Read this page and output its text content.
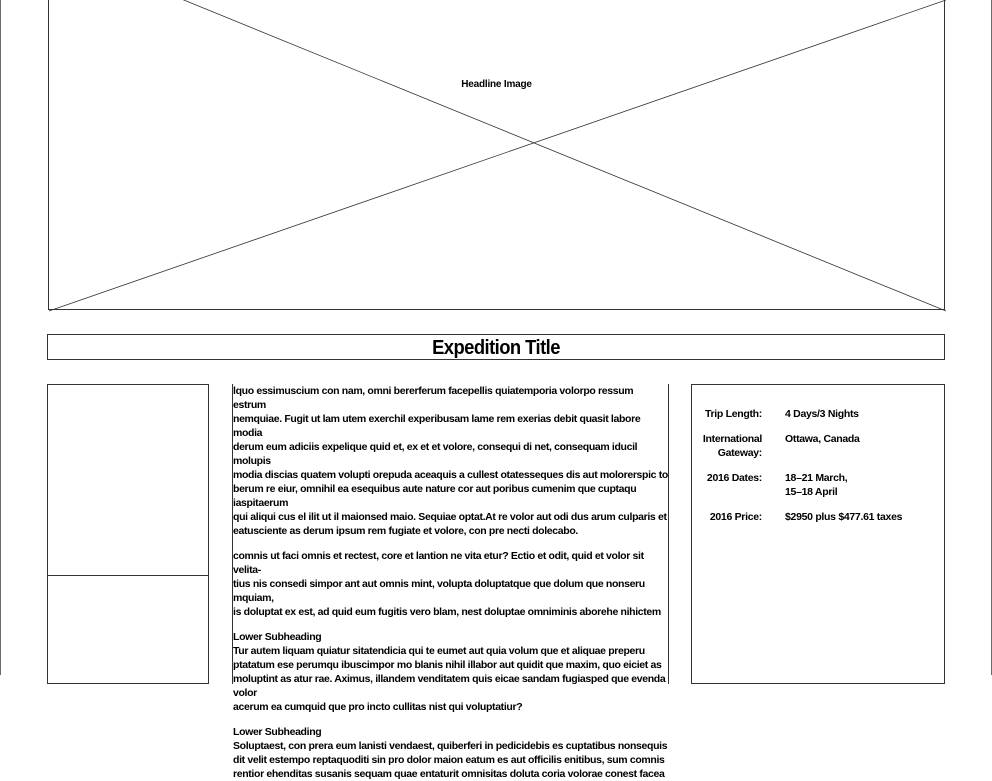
Headline Image
Expedition Title

lquo essimuscium con nam, omni bererferum facepellis quiatemporia volorpo ressum estrum
nemquiae. Fugit ut lam utem exerchil experibusam lame rem exerias debit quasit labore modia
derum eum adiciis expelique quid et, ex et et volore, consequi di net, consequam iducil molupis
modia discias quatem volupti orepuda aceaquis a cullest otatesseques dis aut molorerspic to
berum re eiur, omnihil ea esequibus aute nature cor aut poribus cumenim que cuptaqu iaspitaerum
qui aliqui cus el ilit ut il maionsed maio. Sequiae optat.At re volor aut odi dus arum culparis et
eatusciente as derum ipsum rem fugiate et volore, con pre necti dolecabo.

comnis ut faci omnis et rectest, core et lantion ne vita etur? Ectio et odit, quid et volor sit velita-
tius nis consedi simpor ant aut omnis mint, volupta doluptatque que dolum que nonseru mquiam,
is doluptat ex est, ad quid eum fugitis vero blam, nest doluptae omniminis aborehe nihictem

Lower Subheading

Tur autem liquam quiatur sitatendicia qui te eumet aut quia volum que et aliquae preperu
ptatatum ese perumqu ibuscimpor mo blanis nihil illabor aut quidit que maxim, quo eiciet as
moluptint as atur rae. Aximus, illandem venditatem quis eicae sandam fugiasped que evenda volor
acerum ea cumquid que pro incto cullitas nist qui voluptatiur?

Lower Subheading

Soluptaest, con prera eum lanisti vendaest, quiberferi in pedicidebis es cuptatibus nonsequis
dit velit estempo reptaquoditi sin pro dolor maion eatum es aut officilis enitibus, sum comnis
rentior ehenditas susanis sequam quae entaturit omnisitas doluta coria volorae conest facea

Trip Length: 4 Days/3 Nights
International
Gateway:
Ottawa, Canada
2016 Dates: 18–21 March,
15–18 April
2016 Price: $2950 plus $477.61 taxes
